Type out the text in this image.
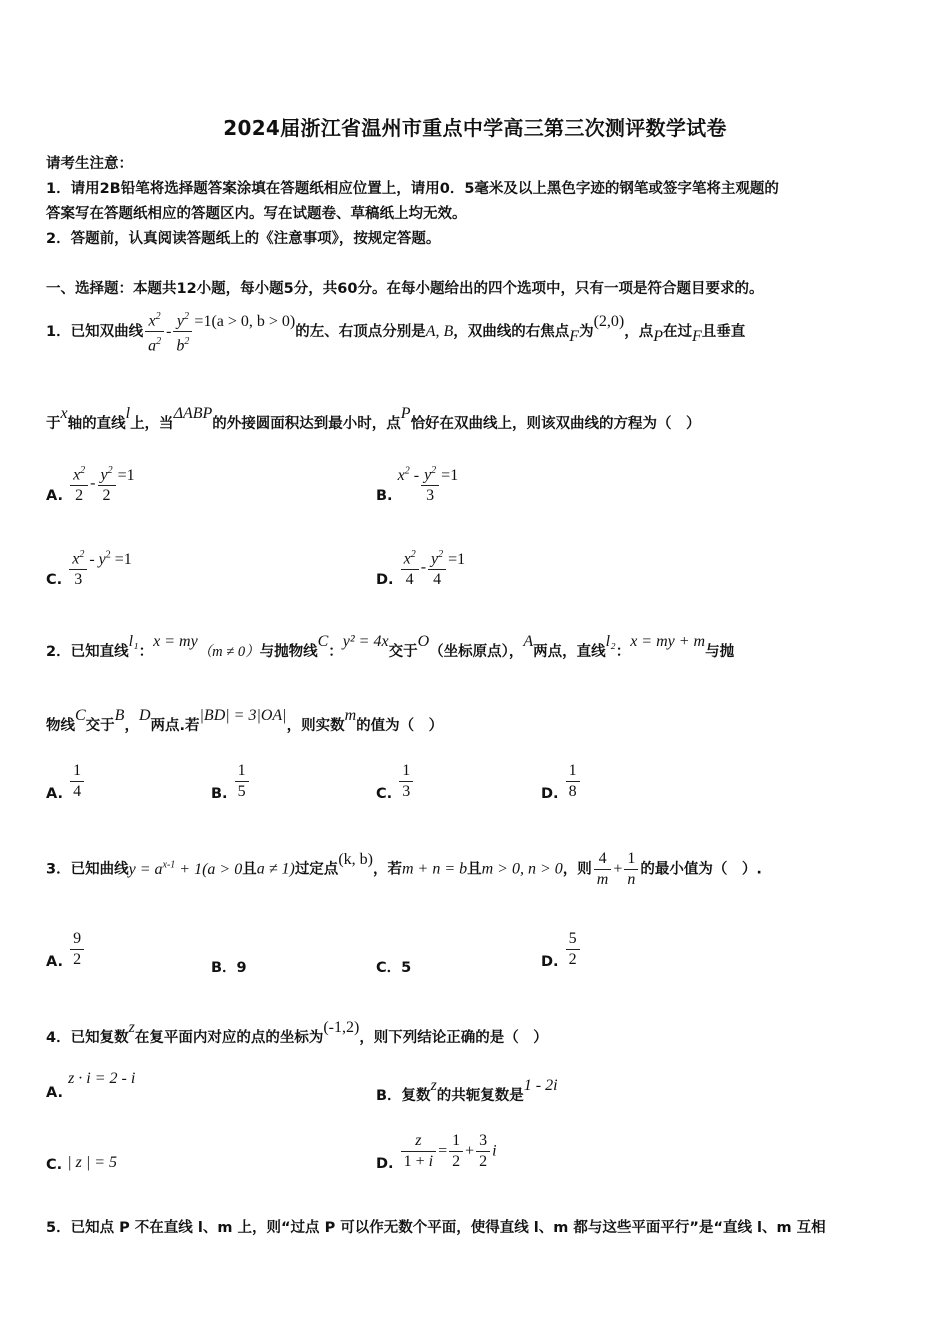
2024届浙江省温州市重点中学高三第三次测评数学试卷
请考生注意：
1．请用2B铅笔将选择题答案涂填在答题纸相应位置上，请用0．5毫米及以上黑色字迹的钢笔或签字笔将主观题的
答案写在答题纸相应的答题区内。写在试题卷、草稿纸上均无效。
2．答题前，认真阅读答题纸上的《注意事项》，按规定答题。
一、选择题：本题共12小题，每小题5分，共60分。在每小题给出的四个选项中，只有一项是符合题目要求的。
1．已知双曲线 $\frac{x^2}{a^2} - \frac{y^2}{b^2} =1(a > 0$, b > 0)的左、右顶点分别是A, B，双曲线的右焦点F为(2,0)，点P在过F且垂直
于x轴的直线l上，当ΔABP的外接圆面积达到最小时，点P恰好在双曲线上，则该双曲线的方程为（　）
A. $\frac{x^2}{2} - \frac{y^2}{2} =1$
B. $x^2 - \frac{y^2}{3} =1$
C. $\frac{x^2}{3} - y^2 =1$
D. $\frac{x^2}{4} - \frac{y^2}{4} =1$
2．已知直线l₁：x = my（m ≠ 0）与抛物线C：y² = 4x交于O（坐标原点），A两点，直线l₂：x = my + m与抛
物线C交于B，D两点.若|BD| = 3|OA|，则实数m的值为（　）
A. $\frac{1}{4}$	B. $\frac{1}{5}$	C. $\frac{1}{3}$	D. $\frac{1}{8}$
3．已知曲线$y = a^{x-1} + 1(a > 0$且a ≠ 1)过定点(k, b)，若m + n = b且m > 0, n > 0，则 $\frac{4}{m} + \frac{1}{n}$ 的最小值为（　）.
A. $\frac{9}{2}$	B．9	C．5	D. $\frac{5}{2}$
4．已知复数z在复平面内对应的点的坐标为(-1,2)，则下列结论正确的是（　）
A. z · i = 2 - i
B．复数z的共轭复数是1 - 2i
C. | z | = 5	D. $\frac{z}{1 + i} = \frac{1}{2} + \frac{3}{2}$ i
5．已知点 P 不在直线 l、m 上，则“过点 P 可以作无数个平面，使得直线 l、m 都与这些平面平行”是“直线 l、m 互相
